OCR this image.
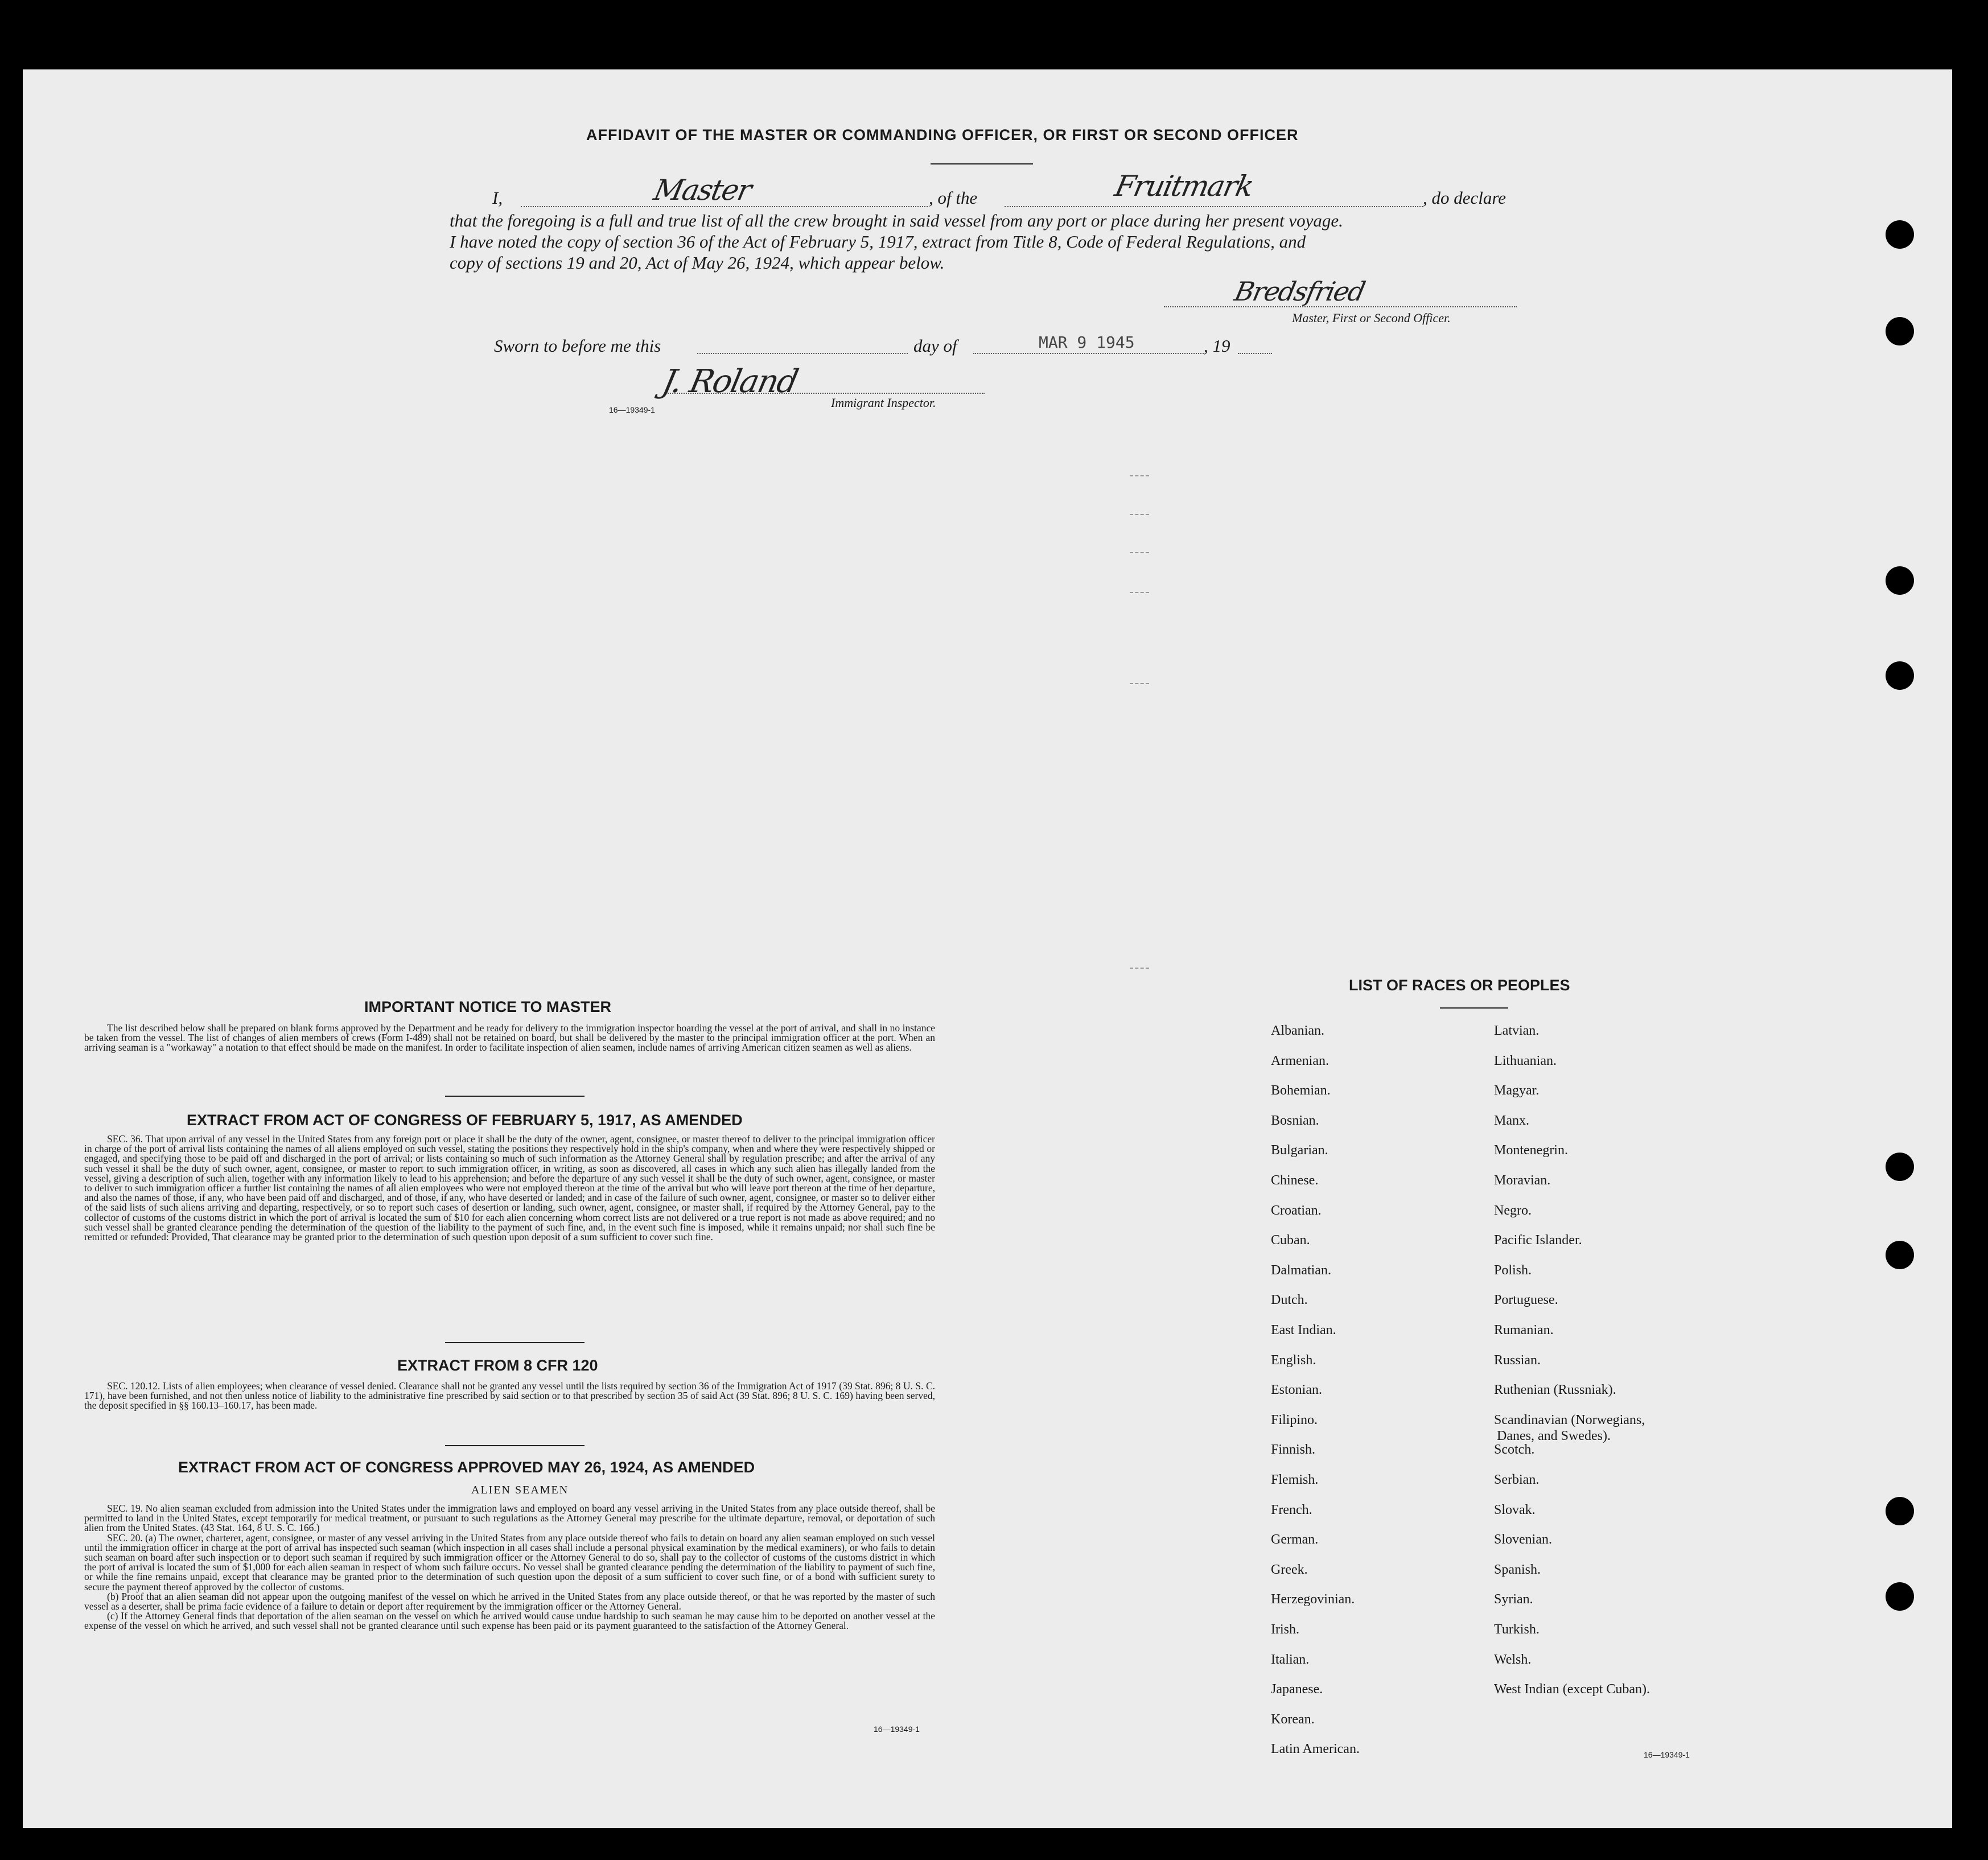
AFFIDAVIT OF THE MASTER OR COMMANDING OFFICER, OR FIRST OR SECOND OFFICER
I,	Master	, of the	Fruitmark	, do declare
that the foregoing is a full and true list of all the crew brought in said vessel from any port or place during her present voyage.
I have noted the copy of section 36 of the Act of February 5, 1917, extract from Title 8, Code of Federal Regulations, and
copy of sections 19 and 20, Act of May 26, 1924, which appear below.
Bredsfried
Master, First or Second Officer.
Sworn to before me this	day of	MAR 9 1945	, 19
J. Roland
16—19349-1	Immigrant Inspector.
IMPORTANT NOTICE TO MASTER

The list described below shall be prepared on blank forms approved by the Department and be ready for delivery to the immigration inspector boarding the vessel at the port of arrival, and shall in no instance be taken from the vessel. The list of changes of alien members of crews (Form I-489) shall not be retained on board, but shall be delivered by the master to the principal immigration officer at the port. When an arriving seaman is a "workaway" a notation to that effect should be made on the manifest. In order to facilitate inspection of alien seamen, include names of arriving American citizen seamen as well as aliens.

EXTRACT FROM ACT OF CONGRESS OF FEBRUARY 5, 1917, AS AMENDED

SEC. 36. That upon arrival of any vessel in the United States from any foreign port or place it shall be the duty of the owner, agent, consignee, or master thereof to deliver to the principal immigration officer in charge of the port of arrival lists containing the names of all aliens employed on such vessel, stating the positions they respectively hold in the ship's company, when and where they were respectively shipped or engaged, and specifying those to be paid off and discharged in the port of arrival; or lists containing so much of such information as the Attorney General shall by regulation prescribe; and after the arrival of any such vessel it shall be the duty of such owner, agent, consignee, or master to report to such immigration officer, in writing, as soon as discovered, all cases in which any such alien has illegally landed from the vessel, giving a description of such alien, together with any information likely to lead to his apprehension; and before the departure of any such vessel it shall be the duty of such owner, agent, consignee, or master to deliver to such immigration officer a further list containing the names of all alien employees who were not employed thereon at the time of the arrival but who will leave port thereon at the time of her departure, and also the names of those, if any, who have been paid off and discharged, and of those, if any, who have deserted or landed; and in case of the failure of such owner, agent, consignee, or master so to deliver either of the said lists of such aliens arriving and departing, respectively, or so to report such cases of desertion or landing, such owner, agent, consignee, or master shall, if required by the Attorney General, pay to the collector of customs of the customs district in which the port of arrival is located the sum of $10 for each alien concerning whom correct lists are not delivered or a true report is not made as above required; and no such vessel shall be granted clearance pending the determination of the question of the liability to the payment of such fine, and, in the event such fine is imposed, while it remains unpaid; nor shall such fine be remitted or refunded: Provided, That clearance may be granted prior to the determination of such question upon deposit of a sum sufficient to cover such fine.

EXTRACT FROM 8 CFR 120

SEC. 120.12. Lists of alien employees; when clearance of vessel denied. Clearance shall not be granted any vessel until the lists required by section 36 of the Immigration Act of 1917 (39 Stat. 896; 8 U. S. C. 171), have been furnished, and not then unless notice of liability to the administrative fine prescribed by said section or to that prescribed by section 35 of said Act (39 Stat. 896; 8 U. S. C. 169) having been served, the deposit specified in §§ 160.13–160.17, has been made.

EXTRACT FROM ACT OF CONGRESS APPROVED MAY 26, 1924, AS AMENDED
ALIEN SEAMEN

SEC. 19. No alien seaman excluded from admission into the United States under the immigration laws and employed on board any vessel arriving in the United States from any place outside thereof, shall be permitted to land in the United States, except temporarily for medical treatment, or pursuant to such regulations as the Attorney General may prescribe for the ultimate departure, removal, or deportation of such alien from the United States. (43 Stat. 164, 8 U. S. C. 166.)

SEC. 20. (a) The owner, charterer, agent, consignee, or master of any vessel arriving in the United States from any place outside thereof who fails to detain on board any alien seaman employed on such vessel until the immigration officer in charge at the port of arrival has inspected such seaman (which inspection in all cases shall include a personal physical examination by the medical examiners), or who fails to detain such seaman on board after such inspection or to deport such seaman if required by such immigration officer or the Attorney General to do so, shall pay to the collector of customs of the customs district in which the port of arrival is located the sum of $1,000 for each alien seaman in respect of whom such failure occurs. No vessel shall be granted clearance pending the determination of the liability to payment of such fine, or while the fine remains unpaid, except that clearance may be granted prior to the determination of such question upon the deposit of a sum sufficient to cover such fine, or of a bond with sufficient surety to secure the payment thereof approved by the collector of customs.

(b) Proof that an alien seaman did not appear upon the outgoing manifest of the vessel on which he arrived in the United States from any place outside thereof, or that he was reported by the master of such vessel as a deserter, shall be prima facie evidence of a failure to detain or deport after requirement by the immigration officer or the Attorney General.

(c) If the Attorney General finds that deportation of the alien seaman on the vessel on which he arrived would cause undue hardship to such seaman he may cause him to be deported on another vessel at the expense of the vessel on which he arrived, and such vessel shall not be granted clearance until such expense has been paid or its payment guaranteed to the satisfaction of the Attorney General.

16—19349-1
LIST OF RACES OR PEOPLES
Albanian.
Armenian.
Bohemian.
Bosnian.
Bulgarian.
Chinese.
Croatian.
Cuban.
Dalmatian.
Dutch.
East Indian.
English.
Estonian.
Filipino.
Finnish.
Flemish.
French.
German.
Greek.
Herzegovinian.
Irish.
Italian.
Japanese.
Korean.
Latin American.
Latvian.
Lithuanian.
Magyar.
Manx.
Montenegrin.
Moravian.
Negro.
Pacific Islander.
Polish.
Portuguese.
Rumanian.
Russian.
Ruthenian (Russniak).
Scandinavian (Norwegians,
Danes, and Swedes).
Scotch.
Serbian.
Slovak.
Slovenian.
Spanish.
Syrian.
Turkish.
Welsh.
West Indian (except Cuban).
16—19349-1
